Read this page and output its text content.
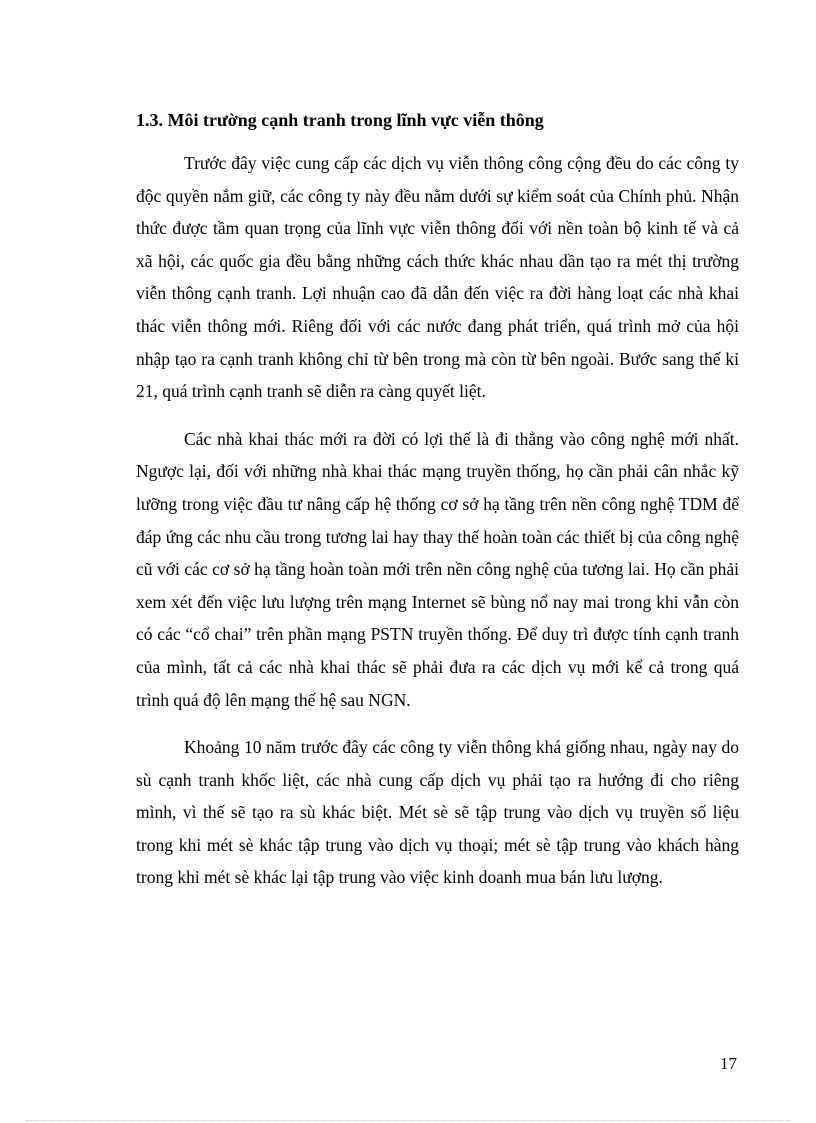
1.3. Môi trường cạnh tranh trong lĩnh vực viễn thông

Trước đây việc cung cấp các dịch vụ viễn thông công cộng đều do các công ty độc quyền nắm giữ, các công ty này đều nằm dưới sự kiểm soát của Chính phủ. Nhận thức được tầm quan trọng của lĩnh vực viễn thông đối với nền toàn bộ kinh tế và cả xã hội, các quốc gia đều bằng những cách thức khác nhau dần tạo ra mét thị trường viễn thông cạnh tranh. Lợi nhuận cao đã dẫn đến việc ra đời hàng loạt các nhà khai thác viễn thông mới. Riêng đối với các nước đang phát triển, quá trình mở của hội nhập tạo ra cạnh tranh không chỉ từ bên trong mà còn từ bên ngoài. Bước sang thế kỉ 21, quá trình cạnh tranh sẽ diễn ra càng quyết liệt.

Các nhà khai thác mới ra đời có lợi thế là đi thẳng vào công nghệ mới nhất. Ngược lại, đối với những nhà khai thác mạng truyền thống, họ cần phải cân nhắc kỹ lưỡng trong việc đầu tư nâng cấp hệ thống cơ sở hạ tầng trên nền công nghệ TDM để đáp ứng các nhu cầu trong tương lai hay thay thế hoàn toàn các thiết bị của công nghệ cũ với các cơ sở hạ tầng hoàn toàn mới trên nền công nghệ của tương lai. Họ cần phải xem xét đến việc lưu lượng trên mạng Internet sẽ bùng nổ nay mai trong khi vẫn còn có các “cổ chai” trên phần mạng PSTN truyền thống. Để duy trì được tính cạnh tranh của mình, tất cả các nhà khai thác sẽ phải đưa ra các dịch vụ mới kể cả trong quá trình quá độ lên mạng thế hệ sau NGN.

Khoảng 10 năm trước đây các công ty viễn thông khá giống nhau, ngày nay do sù cạnh tranh khốc liệt, các nhà cung cấp dịch vụ phải tạo ra hướng đi cho riêng mình, vì thế sẽ tạo ra sù khác biệt. Mét sè sẽ tập trung vào dịch vụ truyền số liệu trong khi mét sè khác tập trung vào dịch vụ thoại; mét sè tập trung vào khách hàng trong khi mét sè khác lại tập trung vào việc kinh doanh mua bán lưu lượng.

17
